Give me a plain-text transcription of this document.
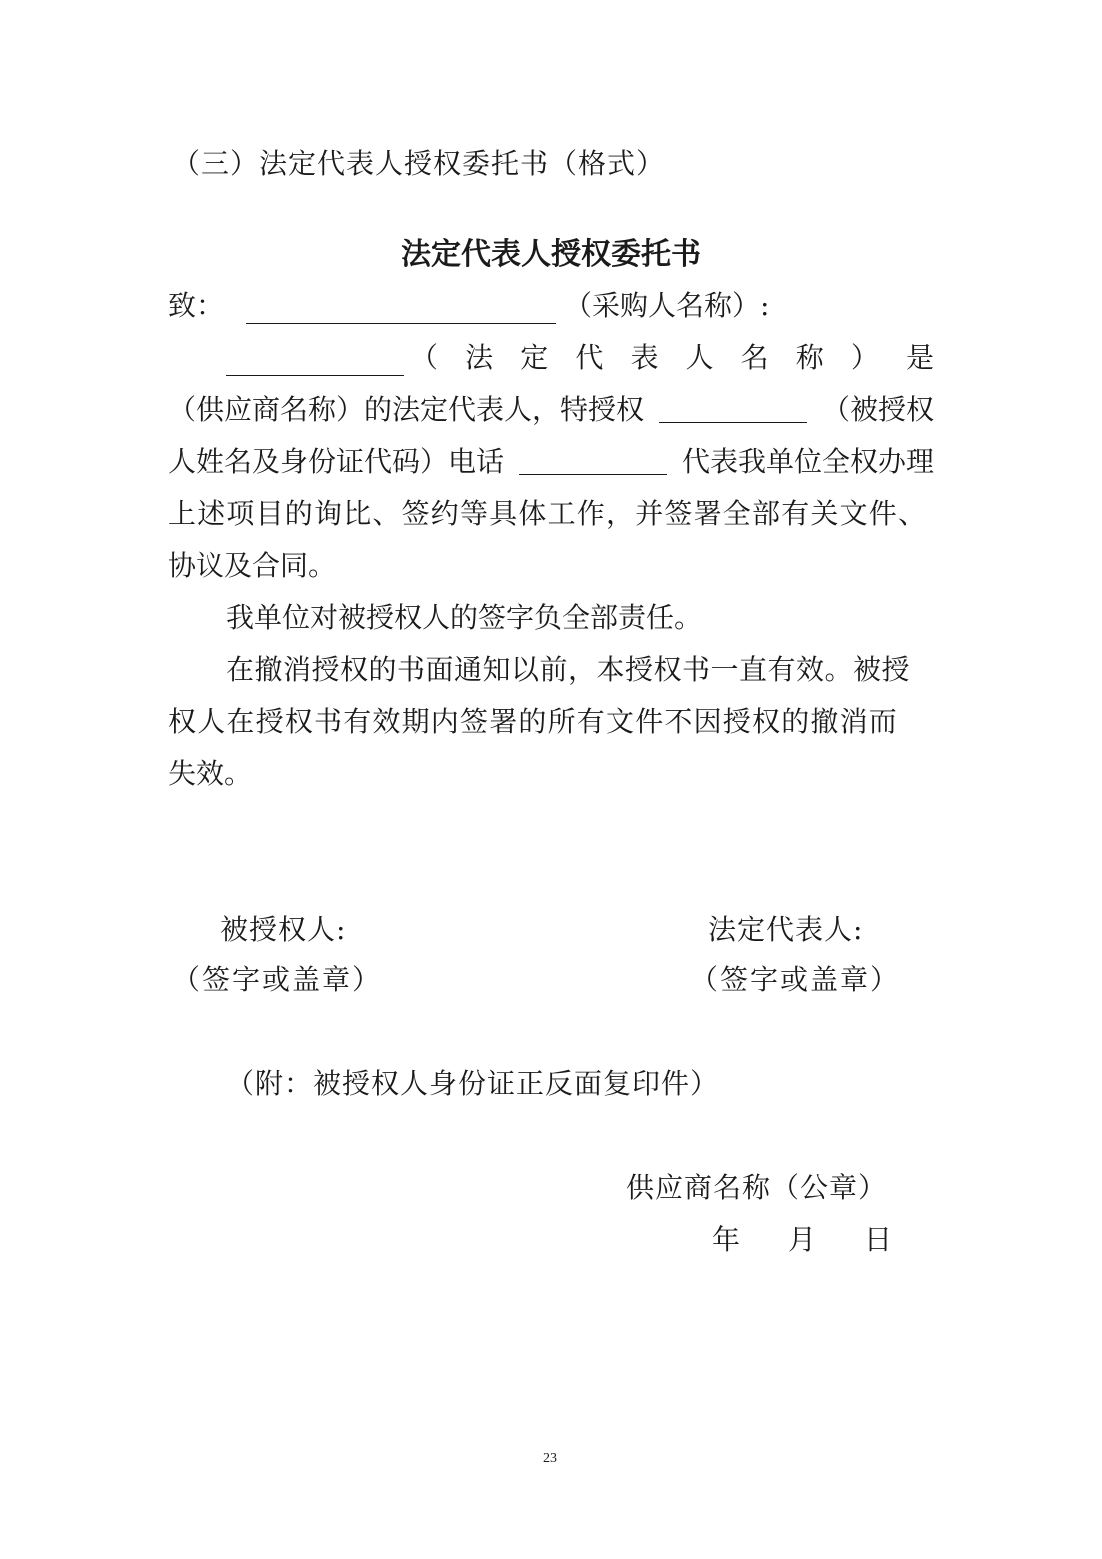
（三）法定代表人授权委托书（格式）
法定代表人授权委托书
致：	（采购人名称）:
（ 法 定 代 表 人 名 称 ） 是
（供应商名称）的法定代表人，特授权	（被授权
人姓名及身份证代码）电话	代表我单位全权办理
上述项目的询比、签约等具体工作，并签署全部有关文件、
协议及合同。
我单位对被授权人的签字负全部责任。
在撤消授权的书面通知以前，本授权书一直有效。被授
权人在授权书有效期内签署的所有文件不因授权的撤消而
失效。
被授权人:
（签字或盖章）
法定代表人:
（签字或盖章）
（附：被授权人身份证正反面复印件）
供应商名称（公章）
年 月 日
23
